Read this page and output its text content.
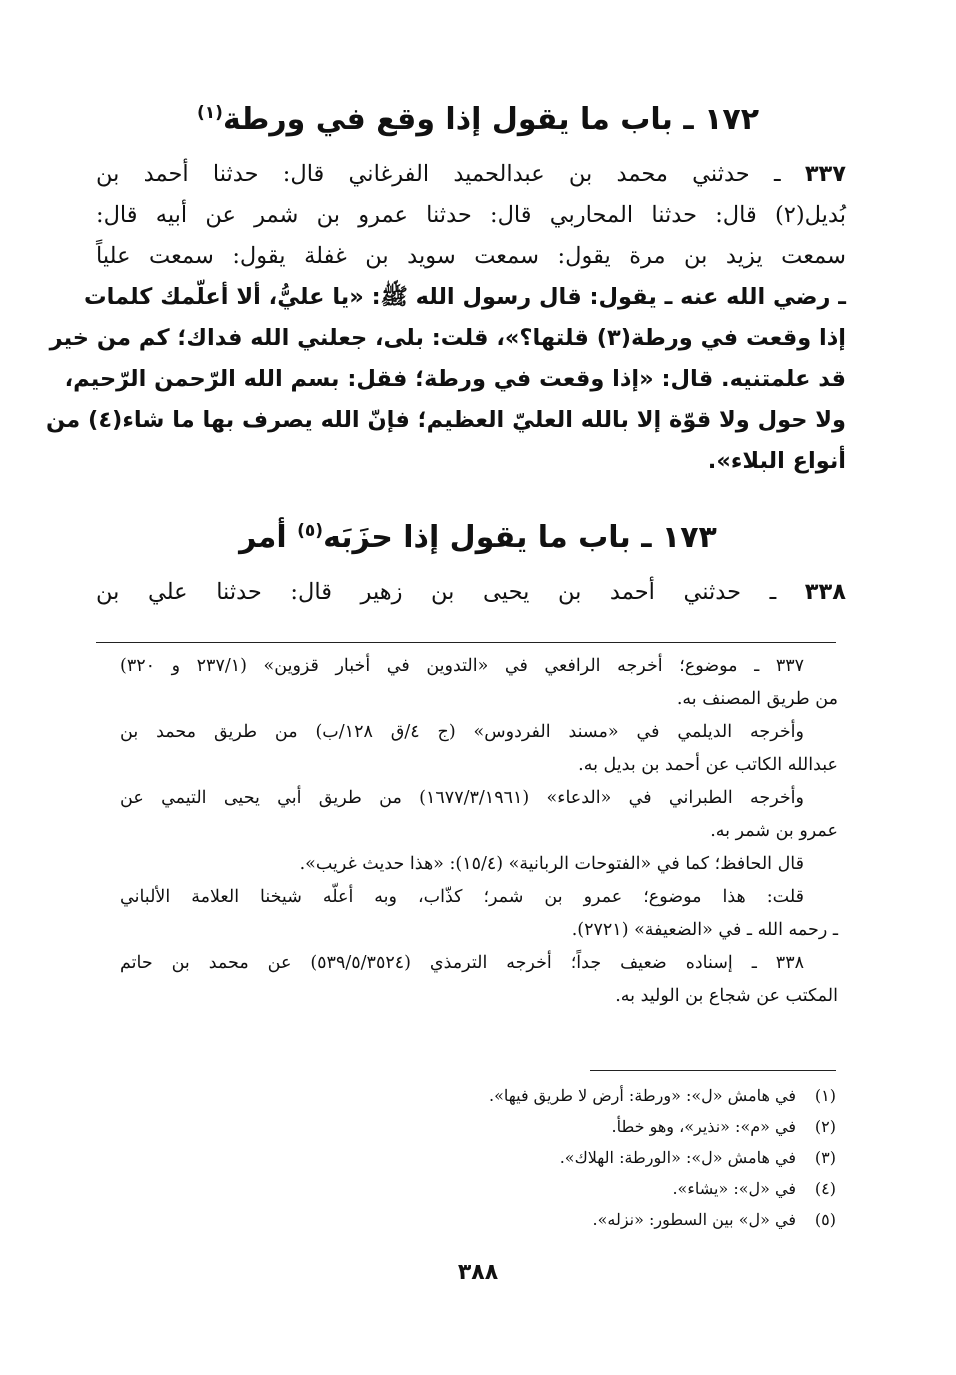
١٧٢ ـ باب ما يقول إذا وقع في ورطة$^{(١)}$
٣٣٧ ـ حدثني محمد بن عبدالحميد الفرغاني قال: حدثنا أحمد بن
بُديل(٢) قال: حدثنا المحاربي قال: حدثنا عمرو بن شمر عن أبيه قال:
سمعت يزيد بن مرة يقول: سمعت سويد بن غفلة يقول: سمعت علياً
ـ رضي الله عنه ـ يقول: قال رسول الله ﷺ: «يا عليُّ، ألا أعلّمك كلمات
إذا وقعت في ورطة(٣) قلتها؟»، قلت: بلى، جعلني الله فداك؛ كم من خير
قد علمتنيه. قال: «إذا وقعت في ورطة؛ فقل: بسم الله الرّحمن الرّحيم،
ولا حول ولا قوّة إلا بالله العليّ العظيم؛ فإنّ الله يصرف بها ما شاء(٤) من
أنواع البلاء».
١٧٣ ـ باب ما يقول إذا حزَبَه$^{(٥)}$ أمر
٣٣٨ ـ حدثني أحمد بن يحيى بن زهير قال: حدثنا علي بن
٣٣٧ ـ موضوع؛ أخرجه الرافعي في «التدوين في أخبار قزوين» (٢٣٧/١ و ٣٢٠)
من طريق المصنف به.
وأخرجه الديلمي في «مسند الفردوس» (ج ٤/ق ١٢٨/ب) من طريق محمد بن
عبدالله الكاتب عن أحمد بن بديل به.
وأخرجه الطبراني في «الدعاء» (١٦٧٧/٣/١٩٦١) من طريق أبي يحيى التيمي عن
عمرو بن شمر به.
قال الحافظ؛ كما في «الفتوحات الربانية» (١٥/٤): «هذا حديث غريب».
قلت: هذا موضوع؛ عمرو بن شمر؛ كذّاب، وبه أعلّه شيخنا العلامة الألباني
ـ رحمه الله ـ في «الضعيفة» (٢٧٢١).
٣٣٨ ـ إسناده ضعيف جداً؛ أخرجه الترمذي (٥٣٩/٥/٣٥٢٤) عن محمد بن حاتم
المكتب عن شجاع بن الوليد به.
(١)في هامش «ل»: «ورطة: أرض لا طريق فيها».
(٢)في «م»: «نذير»، وهو خطأ.
(٣)في هامش «ل»: «الورطة: الهلاك».
(٤)في «ل»: «يشاء».
(٥)في «ل» بين السطور: «نزله».
٣٨٨
